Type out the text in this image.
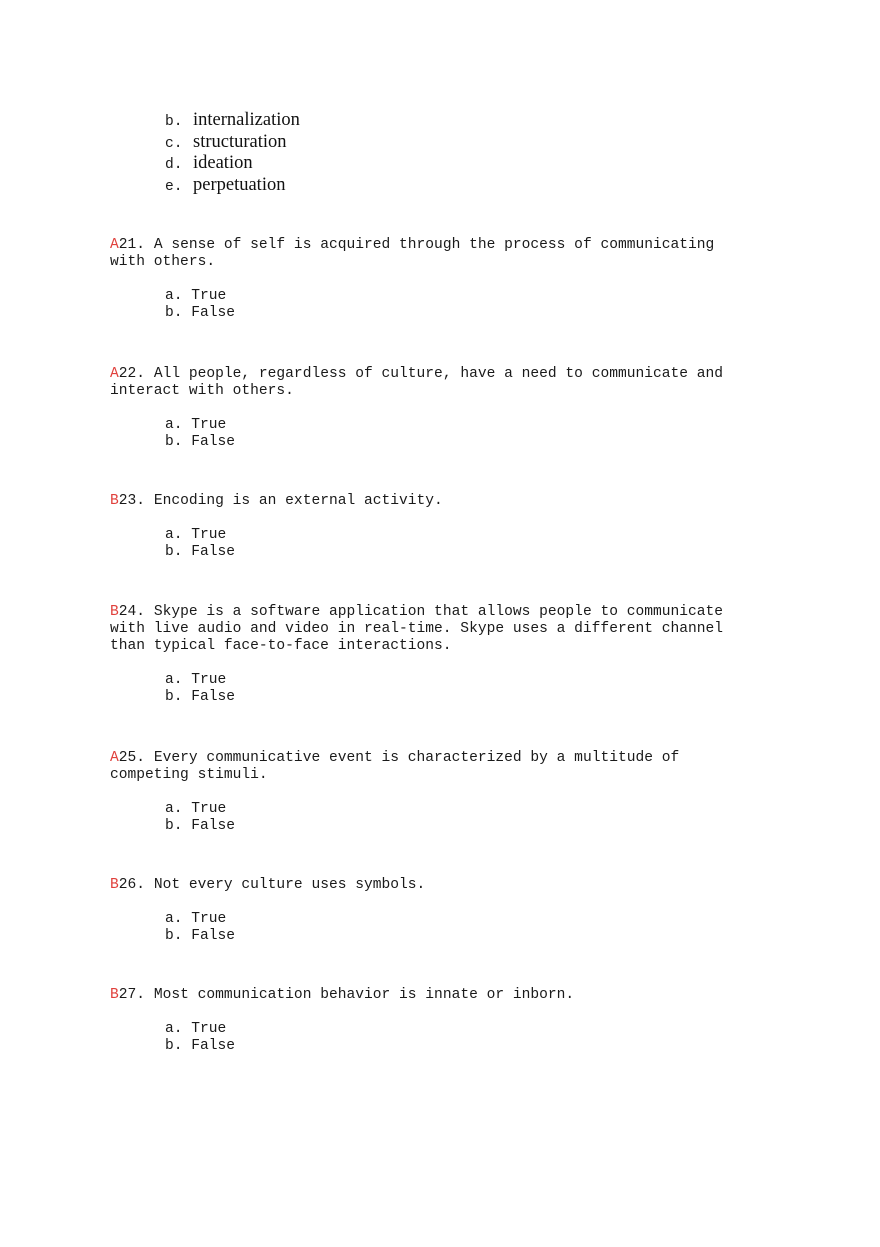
b. internalization
c. structuration
d. ideation
e. perpetuation
A21. A sense of self is acquired through the process of communicating
with others.
a. True
b. False
A22. All people, regardless of culture, have a need to communicate and
interact with others.
a. True
b. False
B23. Encoding is an external activity.
a. True
b. False
B24. Skype is a software application that allows people to communicate
with live audio and video in real-time. Skype uses a different channel
than typical face-to-face interactions.
a. True
b. False
A25. Every communicative event is characterized by a multitude of
competing stimuli.
a. True
b. False
B26. Not every culture uses symbols.
a. True
b. False
B27. Most communication behavior is innate or inborn.
a. True
b. False
